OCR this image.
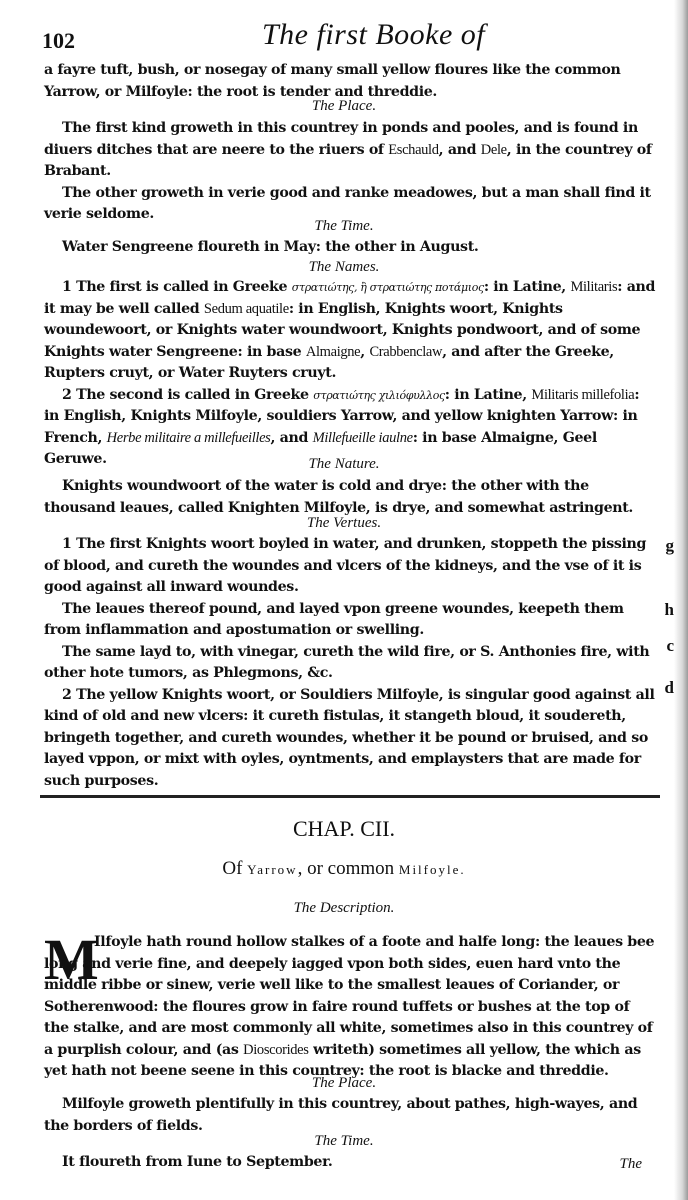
102	The first Booke of

a fayre tuft, bush, or nosegay of many small yellow floures like the common Yarrow, or Milfoyle: the root is tender and threddie.

The Place.

The first kind groweth in this countrey in ponds and pooles, and is found in diuers ditches that are neere to the riuers of Eschauld, and Dele, in the countrey of Brabant.

The other groweth in verie good and ranke meadowes, but a man shall find it verie seldome.

The Time.

Water Sengreene floureth in May: the other in August.

The Names.

1 The first is called in Greeke στρατιώτης, ἢ στρατιώτης ποτάμιος: in Latine, Militaris: and it may be well called Sedum aquatile: in English, Knights woort, Knights woundewoort, or Knights water woundwoort, Knights pondwoort, and of some Knights water Sengreene: in base Almaigne, Crabbenclaw, and after the Greeke, Rupters cruyt, or Water Ruyters cruyt.

2 The second is called in Greeke στρατιώτης χιλιόφυλλος: in Latine, Militaris millefolia: in English, Knights Milfoyle, souldiers Yarrow, and yellow knighten Yarrow: in French, Herbe militaire a millefueilles, and Millefueille iaulne: in base Almaigne, Geel Geruwe.	The Nature.

Knights woundwoort of the water is cold and drye: the other with the thousand leaues, called Knighten Milfoyle, is drye, and somewhat astringent.

The Vertues.

1 The first Knights woort boyled in water, and drunken, stoppeth the pissing of blood, and cureth the woundes and vlcers of the kidneys, and the vse of it is good against all inward woundes.

The leaues thereof pound, and layed vpon greene woundes, keepeth them from inflammation and apostumation or swelling.

The same layd to, with vinegar, cureth the wild fire, or S. Anthonies fire, with other hote tumors, as Phlegmons, &c.

2 The yellow Knights woort, or Souldiers Milfoyle, is singular good against all kind of old and new vlcers: it cureth fistulas, it stangeth bloud, it soudereth, bringeth together, and cureth woundes, whether it be pound or bruised, and so layed vppon, or mixt with oyles, oyntments, and emplaysters that are made for such purposes.

g
h
c
d
CHAP. CII.
Of Yarrow, or common Milfoyle.
The Description.
M

Ilfoyle hath round hollow stalkes of a foote and halfe long: the leaues bee long and verie fine, and deepely iagged vpon both sides, euen hard vnto the middle ribbe or sinew, verie well like to the smallest leaues of Coriander, or Sotherenwood: the floures grow in faire round tuffets or bushes at the top of the stalke, and are most commonly all white, sometimes also in this countrey of a purplish colour, and (as Dioscorides writeth) sometimes all yellow, the which as yet hath not beene seene in this countrey: the root is blacke and threddie.

The Place.

Milfoyle groweth plentifully in this countrey, about pathes, high-wayes, and the borders of fields.

The Time.

It floureth from Iune to September.	The
